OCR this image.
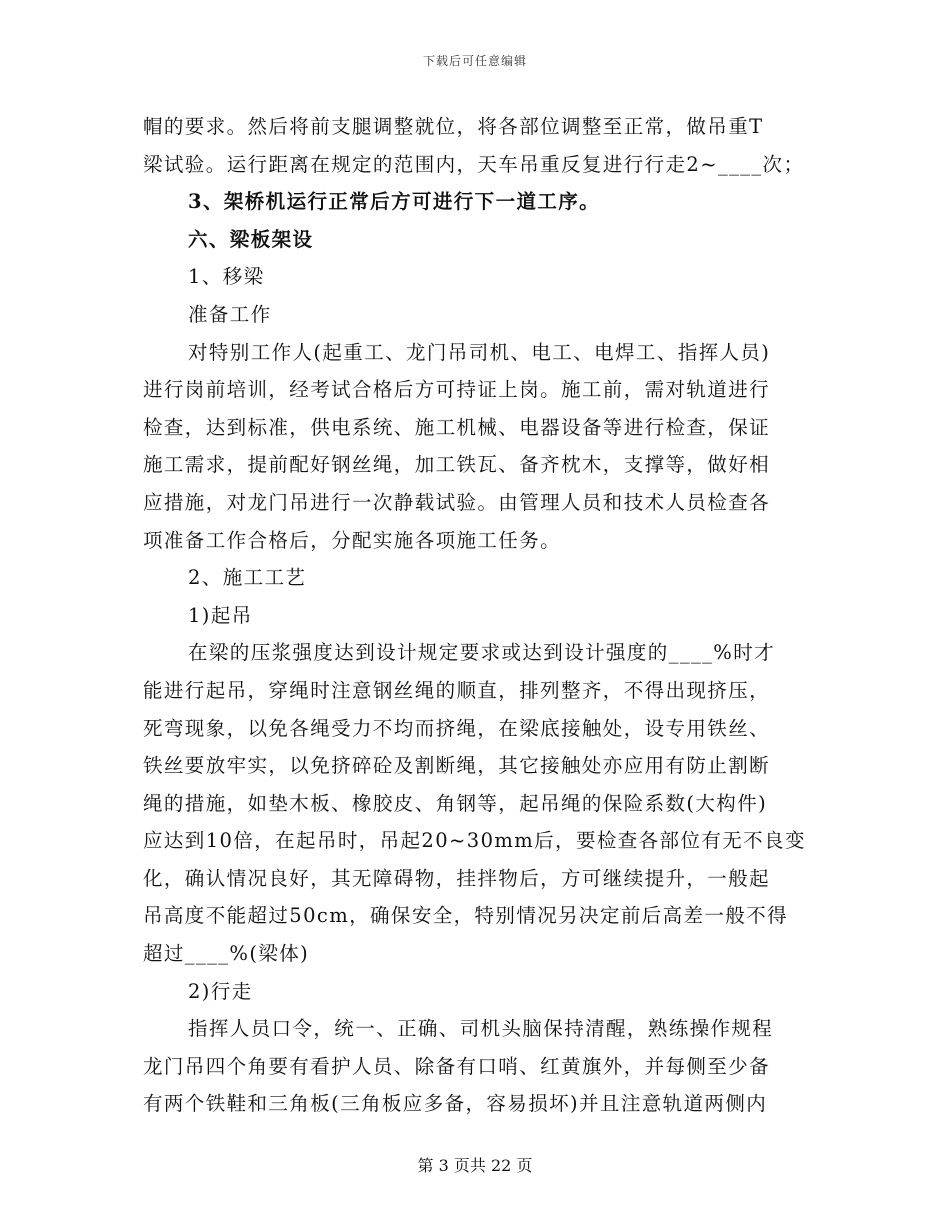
下载后可任意编辑
帽的要求。然后将前支腿调整就位，将各部位调整至正常，做吊重T
梁试验。运行距离在规定的范围内，天车吊重反复进行行走2~____次；
3、架桥机运行正常后方可进行下一道工序。
六、梁板架设
1、移梁
准备工作
对特别工作人(起重工、龙门吊司机、电工、电焊工、指挥人员)
进行岗前培训，经考试合格后方可持证上岗。施工前，需对轨道进行
检查，达到标准，供电系统、施工机械、电器设备等进行检查，保证
施工需求，提前配好钢丝绳，加工铁瓦、备齐枕木，支撑等，做好相
应措施，对龙门吊进行一次静载试验。由管理人员和技术人员检查各
项准备工作合格后，分配实施各项施工任务。
2、施工工艺
1)起吊
在梁的压浆强度达到设计规定要求或达到设计强度的____%时才
能进行起吊，穿绳时注意钢丝绳的顺直，排列整齐，不得出现挤压，
死弯现象，以免各绳受力不均而挤绳，在梁底接触处，设专用铁丝、
铁丝要放牢实，以免挤碎砼及割断绳，其它接触处亦应用有防止割断
绳的措施，如垫木板、橡胶皮、角钢等，起吊绳的保险系数(大构件)
应达到10倍，在起吊时，吊起20~30mm后，要检查各部位有无不良变
化，确认情况良好，其无障碍物，挂拌物后，方可继续提升，一般起
吊高度不能超过50cm，确保安全，特别情况另决定前后高差一般不得
超过____%(梁体)
2)行走
指挥人员口令，统一、正确、司机头脑保持清醒，熟练操作规程
龙门吊四个角要有看护人员、除备有口哨、红黄旗外，并每侧至少备
有两个铁鞋和三角板(三角板应多备，容易损坏)并且注意轨道两侧内
第 3 页共 22 页
